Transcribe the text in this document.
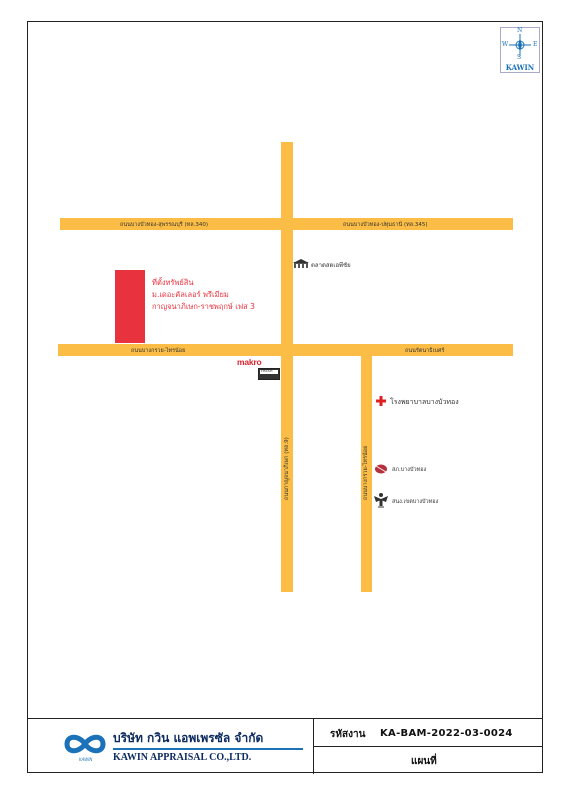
N
S
W	E
KAWIN
ถนนบางบัวทอง-สุพรรณบุรี (ทล.340)	ถนนบางบัวทอง-ปทุมธานี (ทล.345)
ถนนบางกรวย-ไทรน้อย	ถนนรัตนาธิเบศร์
ถนนกาญจนาภิเษก (ทล.9)	ถนนบางกรวย-ไทรน้อย
ที่ตั้งทรัพย์สิน
ม.เดอะคัลเลอร์ พรีเมียม
กาญจนาภิเษก-ราชพฤกษ์ เฟส 3
ตลาดสดเอพีชัย
makro
FRESH
โรงพยาบาลบางบัวทอง
สภ.บางบัวทอง
สนง.เขตบางบัวทอง
KAWIN
บริษัท กวิน แอพเพรซัล จำกัด
KAWIN APPRAISAL CO.,LTD.
รหัสงาน KA-BAM-2022-03-0024
แผนที่
